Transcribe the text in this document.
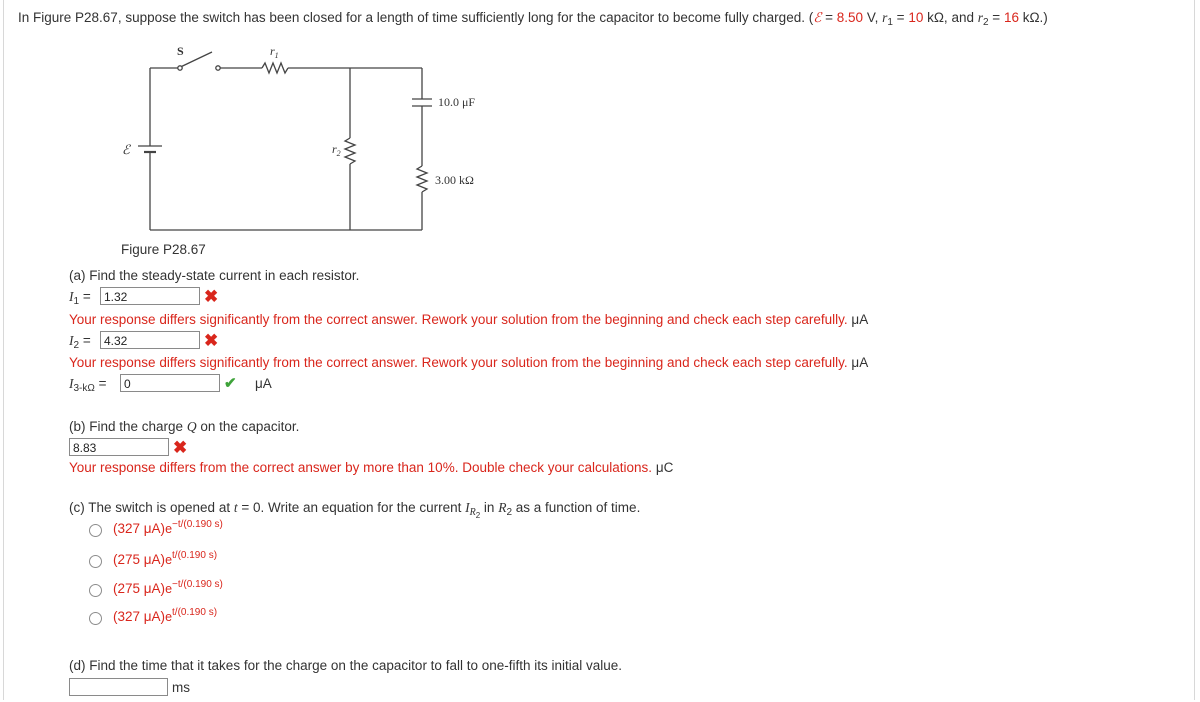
In Figure P28.67, suppose the switch has been closed for a length of time sufficiently long for the capacitor to become fully charged. (ℰ = 8.50 V, $r_1 = 10$ kΩ, and $r_2 = 16$ kΩ.)
S	$r_1$
$r_2$
ℰ
10.0 μF
3.00 kΩ
Figure P28.67
(a) Find the steady-state current in each resistor.
$I_1$ =	1.32	✖
Your response differs significantly from the correct answer. Rework your solution from the beginning and check each step carefully. μA
$I_2$ =	4.32	✖
Your response differs significantly from the correct answer. Rework your solution from the beginning and check each step carefully. μA
$I_{3-k\Omega}$ =	0	✔ μA
(b) Find the charge Q on the capacitor.
8.83	✖
Your response differs from the correct answer by more than 10%. Double check your calculations. μC
(c) The switch is opened at t = 0. Write an equation for the current $I_{R2}$ in $R_2$ as a function of time.
(327 $\mu A)e^{-t/(0.190 s)}$
(275 $\mu A)e^{t/(0.190 s)}$
(275 $\mu A)e^{-t/(0.190 s)}$
(327 $\mu A)e^{t/(0.190 s)}$
(d) Find the time that it takes for the charge on the capacitor to fall to one-fifth its initial value.
ms
